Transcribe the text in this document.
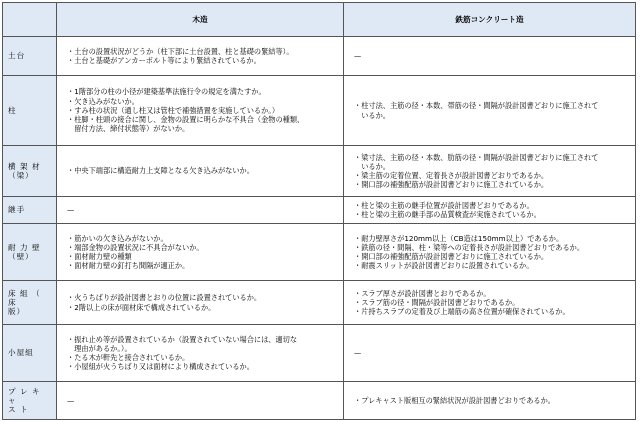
	木造	鉄筋コンクリート造

土台	・土台の設置状況がどうか（柱下部に土台設置、柱と基礎の緊結等）。
・土台と基礎がアンカーボルト等により緊結されているか。	—

柱	・1階部分の柱の小径が建築基準法施行令の規定を満たすか。
・欠き込みがないか。
・すみ柱の状況（通し柱又は管柱で補強措置を実施しているか。）
・柱脚・柱頭の接合に関し、金物の設置に明らかな不具合（金物の種類、
　留付方法、締付状態等）がないか。	・柱寸法、主筋の径・本数、帯筋の径・間隔が設計図書どおりに施工されて
　いるか。

横 架 材
（梁）	・中央下端部に構造耐力上支障となる欠き込みがないか。	・梁寸法、主筋の径・本数、肋筋の径・間隔が設計図書どおりに施工されて
　いるか。
・梁主筋の定着位置、定着長さが設計図書どおりであるか。
・開口部の補強配筋が設計図書どおりに施工されているか。

継手	—	・柱と梁の主筋の継手位置が設計図書どおりであるか。
・柱と梁の主筋の継手部の品質検査が実施されているか。

耐 力 壁
（壁）	・筋かいの欠き込みがないか。
・端部金物の設置状況に不具合がないか。
・面材耐力壁の種類
・面材耐力壁の釘打ち間隔が適正か。	・耐力壁厚さが120mm以上（CB造は150mm以上）であるか。
・鉄筋の径・間隔、柱・梁等への定着長さが設計図書どおりであるか。
・開口部の補強配筋が設計図書どおりに施工されているか。
・耐震スリットが設計図書どおりに設置されているか。

床 組 （ 床
版）	・火うちばりが設計図書とおりの位置に設置されているか。
・2階以上の床が面材床で構成されているか。	・スラブ厚さが設計図書とおりであるか。
・スラブ筋の径・間隔が設計図書どおりであるか。
・片持ちスラブの定着及び上端筋の高さ位置が確保されているか。

小屋組	・振れ止め等が設置されているか（設置されていない場合には、適切な
　理由があるか。）。
・たる木が軒先と接合されているか。
・小屋組が火うちばり又は面材により構成されているか。	—

プ レ キ ャ
ス ト	—	・プレキャスト版相互の緊結状況が設計図書どおりであるか。
